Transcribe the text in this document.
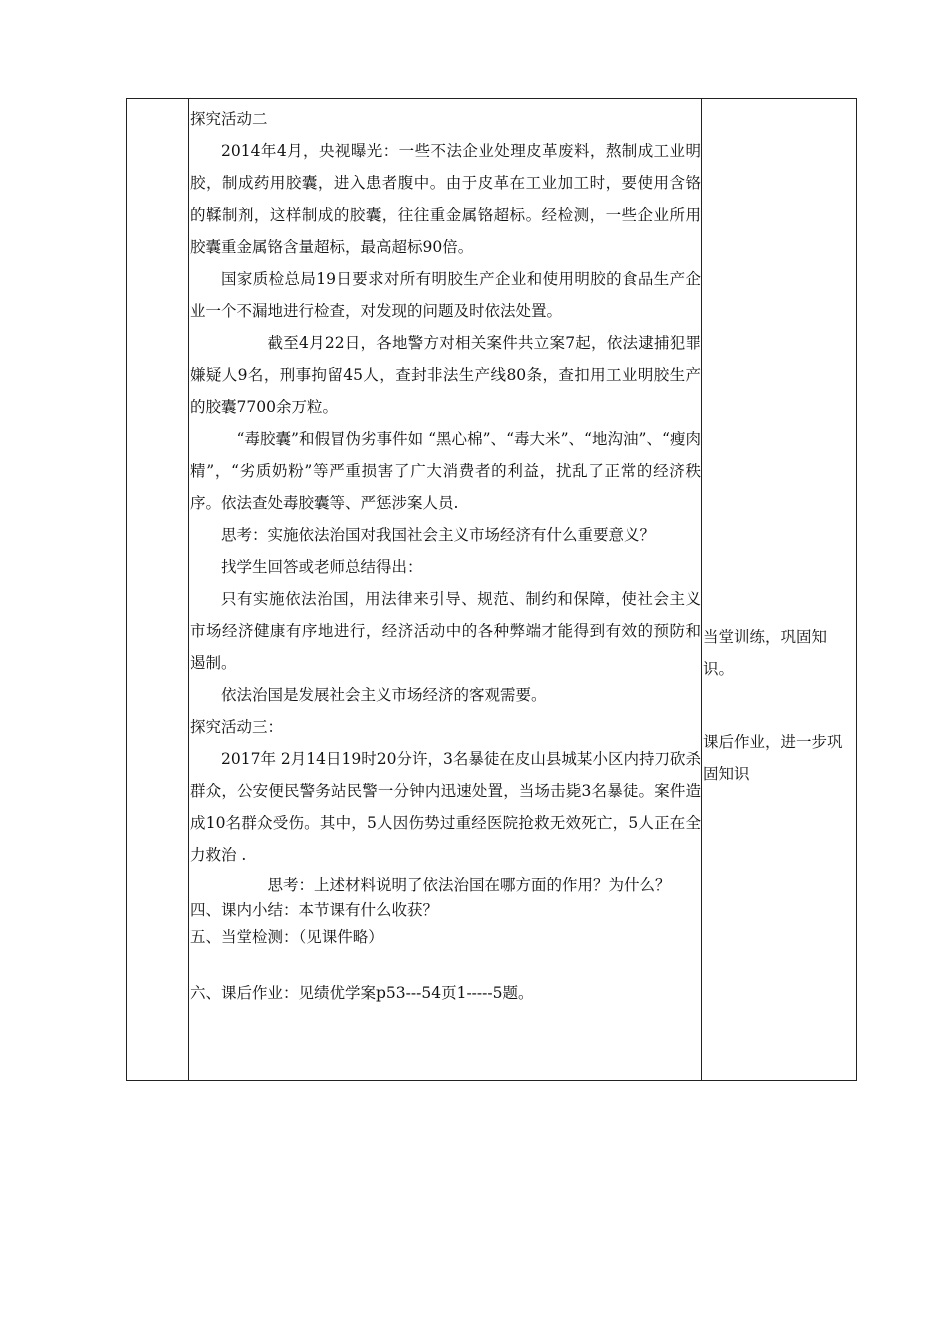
探究活动二

2014年4月，央视曝光：一些不法企业处理皮革废料，熬制成工业明胶，制成药用胶囊，进入患者腹中。由于皮革在工业加工时，要使用含铬的鞣制剂，这样制成的胶囊，往往重金属铬超标。经检测，一些企业所用胶囊重金属铬含量超标，最高超标90倍。

国家质检总局19日要求对所有明胶生产企业和使用明胶的食品生产企业一个不漏地进行检查，对发现的问题及时依法处置。

截至4月22日，各地警方对相关案件共立案7起，依法逮捕犯罪嫌疑人9名，刑事拘留45人，查封非法生产线80条，查扣用工业明胶生产的胶囊7700余万粒。

“毒胶囊”和假冒伪劣事件如 “黑心棉”、“毒大米”、“地沟油”、“瘦肉精”，“劣质奶粉”等严重损害了广大消费者的利益，扰乱了正常的经济秩序。依法查处毒胶囊等、严惩涉案人员.

思考：实施依法治国对我国社会主义市场经济有什么重要意义？

找学生回答或老师总结得出：

只有实施依法治国，用法律来引导、规范、制约和保障，使社会主义市场经济健康有序地进行，经济活动中的各种弊端才能得到有效的预防和遏制。

依法治国是发展社会主义市场经济的客观需要。

探究活动三：

2017年 2月14日19时20分许，3名暴徒在皮山县城某小区内持刀砍杀群众，公安便民警务站民警一分钟内迅速处置，当场击毙3名暴徒。案件造成10名群众受伤。其中，5人因伤势过重经医院抢救无效死亡，5人正在全力救治 .

思考：上述材料说明了依法治国在哪方面的作用？为什么？

四、课内小结：本节课有什么收获？

五、当堂检测：（见课件略）

六、课后作业：见绩优学案p53---54页1-----5题。

当堂训练，巩固知识。

课后作业，进一步巩固知识
